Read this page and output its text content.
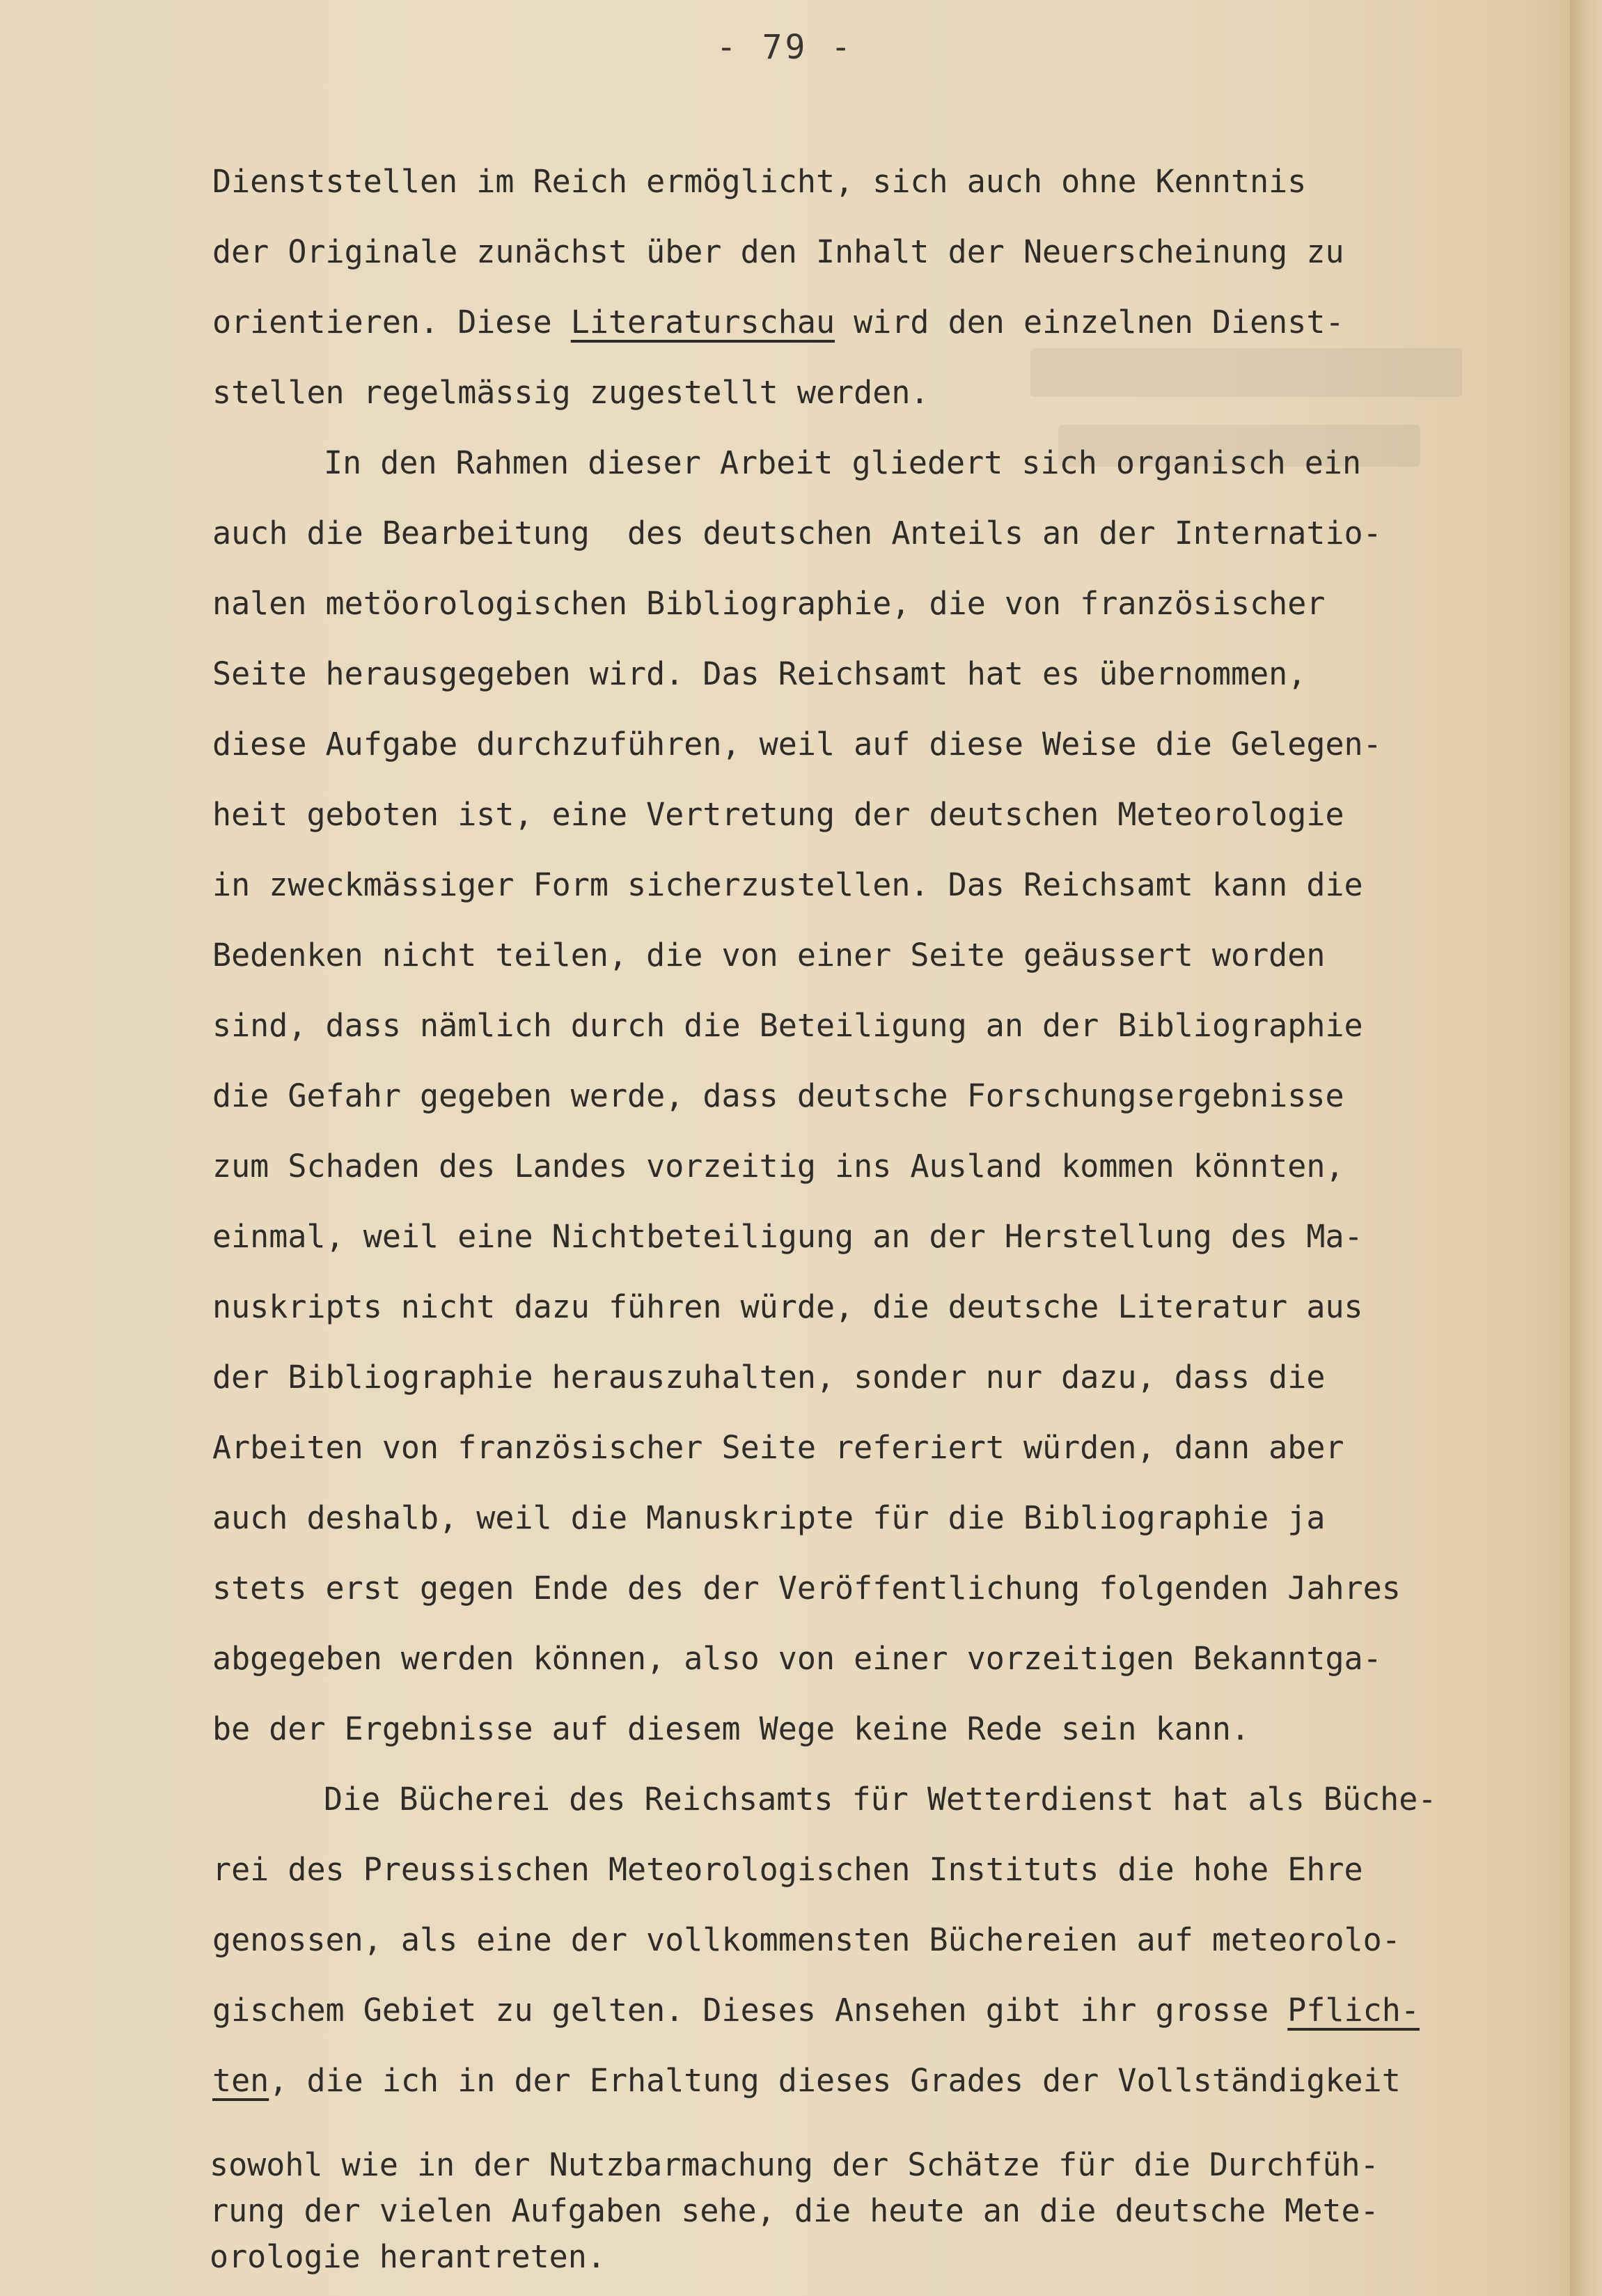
- 79 -
Dienststellen im Reich ermöglicht, sich auch ohne Kenntnis
der Originale zunächst über den Inhalt der Neuerscheinung zu
orientieren. Diese Literaturschau wird den einzelnen Dienst-
stellen regelmässig zugestellt werden.
In den Rahmen dieser Arbeit gliedert sich organisch ein
auch die Bearbeitung  des deutschen Anteils an der Internatio-
nalen metöorologischen Bibliographie, die von französischer
Seite herausgegeben wird. Das Reichsamt hat es übernommen,
diese Aufgabe durchzuführen, weil auf diese Weise die Gelegen-
heit geboten ist, eine Vertretung der deutschen Meteorologie
in zweckmässiger Form sicherzustellen. Das Reichsamt kann die
Bedenken nicht teilen, die von einer Seite geäussert worden
sind, dass nämlich durch die Beteiligung an der Bibliographie
die Gefahr gegeben werde, dass deutsche Forschungsergebnisse
zum Schaden des Landes vorzeitig ins Ausland kommen könnten,
einmal, weil eine Nichtbeteiligung an der Herstellung des Ma-
nuskripts nicht dazu führen würde, die deutsche Literatur aus
der Bibliographie herauszuhalten, sonder nur dazu, dass die
Arbeiten von französischer Seite referiert würden, dann aber
auch deshalb, weil die Manuskripte für die Bibliographie ja
stets erst gegen Ende des der Veröffentlichung folgenden Jahres
abgegeben werden können, also von einer vorzeitigen Bekanntga-
be der Ergebnisse auf diesem Wege keine Rede sein kann.
Die Bücherei des Reichsamts für Wetterdienst hat als Büche-
rei des Preussischen Meteorologischen Instituts die hohe Ehre
genossen, als eine der vollkommensten Büchereien auf meteorolo-
gischem Gebiet zu gelten. Dieses Ansehen gibt ihr grosse Pflich-
ten, die ich in der Erhaltung dieses Grades der Vollständigkeit
sowohl wie in der Nutzbarmachung der Schätze für die Durchfüh-
rung der vielen Aufgaben sehe, die heute an die deutsche Mete-
orologie herantreten.
